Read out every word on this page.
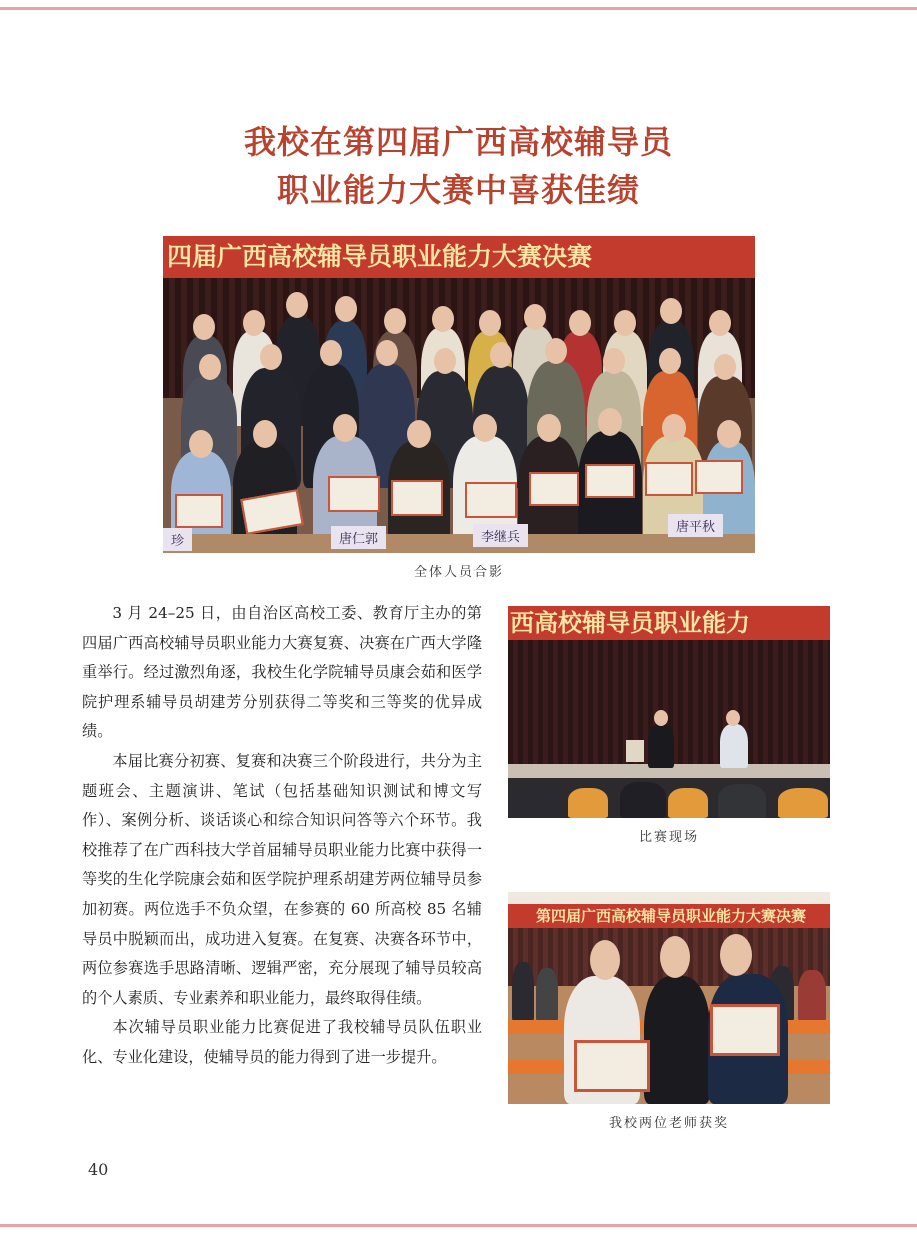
我校在第四届广西高校辅导员
职业能力大赛中喜获佳绩
四届广西高校辅导员职业能力大赛决赛
珍	唐仁郭	李继兵
唐平秋
全体人员合影

3 月 24–25 日，由自治区高校工委、教育厅主办的第四届广西高校辅导员职业能力大赛复赛、决赛在广西大学隆重举行。经过激烈角逐，我校生化学院辅导员康会茹和医学院护理系辅导员胡建芳分别获得二等奖和三等奖的优异成绩。

本届比赛分初赛、复赛和决赛三个阶段进行，共分为主题班会、主题演讲、笔试（包括基础知识测试和博文写作）、案例分析、谈话谈心和综合知识问答等六个环节。我校推荐了在广西科技大学首届辅导员职业能力比赛中获得一等奖的生化学院康会茹和医学院护理系胡建芳两位辅导员参加初赛。两位选手不负众望，在参赛的 60 所高校 85 名辅导员中脱颖而出，成功进入复赛。在复赛、决赛各环节中，两位参赛选手思路清晰、逻辑严密，充分展现了辅导员较高的个人素质、专业素养和职业能力，最终取得佳绩。

本次辅导员职业能力比赛促进了我校辅导员队伍职业化、专业化建设，使辅导员的能力得到了进一步提升。

西高校辅导员职业能力
比赛现场
第四届广西高校辅导员职业能力大赛决赛
我校两位老师获奖
40
